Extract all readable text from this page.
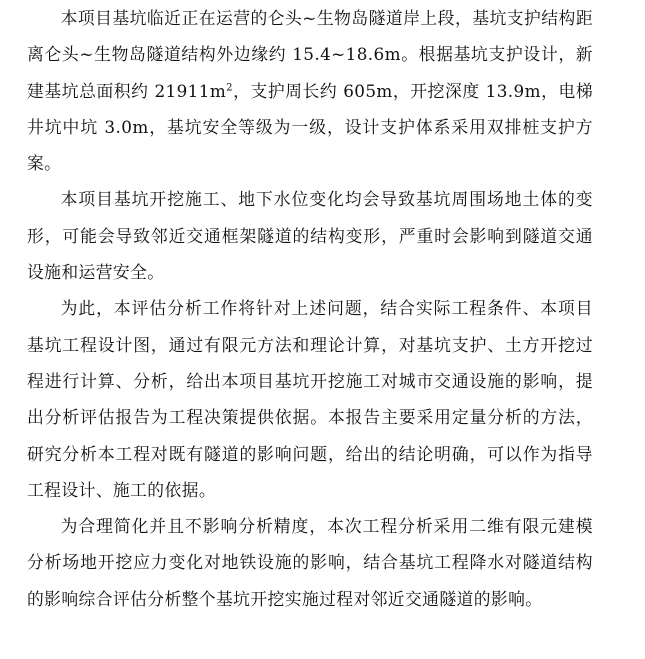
本项目基坑临近正在运营的仑头~生物岛隧道岸上段，基坑支护结构距离仑头~生物岛隧道结构外边缘约 15.4~18.6m。根据基坑支护设计，新建基坑总面积约 $21911m^2$，支护周长约 605m，开挖深度 13.9m，电梯井坑中坑 3.0m，基坑安全等级为一级，设计支护体系采用双排桩支护方案。

本项目基坑开挖施工、地下水位变化均会导致基坑周围场地土体的变形，可能会导致邻近交通框架隧道的结构变形，严重时会影响到隧道交通设施和运营安全。

为此，本评估分析工作将针对上述问题，结合实际工程条件、本项目基坑工程设计图，通过有限元方法和理论计算，对基坑支护、土方开挖过程进行计算、分析，给出本项目基坑开挖施工对城市交通设施的影响，提出分析评估报告为工程决策提供依据。本报告主要采用定量分析的方法，研究分析本工程对既有隧道的影响问题，给出的结论明确，可以作为指导工程设计、施工的依据。

为合理简化并且不影响分析精度，本次工程分析采用二维有限元建模分析场地开挖应力变化对地铁设施的影响，结合基坑工程降水对隧道结构的影响综合评估分析整个基坑开挖实施过程对邻近交通隧道的影响。
